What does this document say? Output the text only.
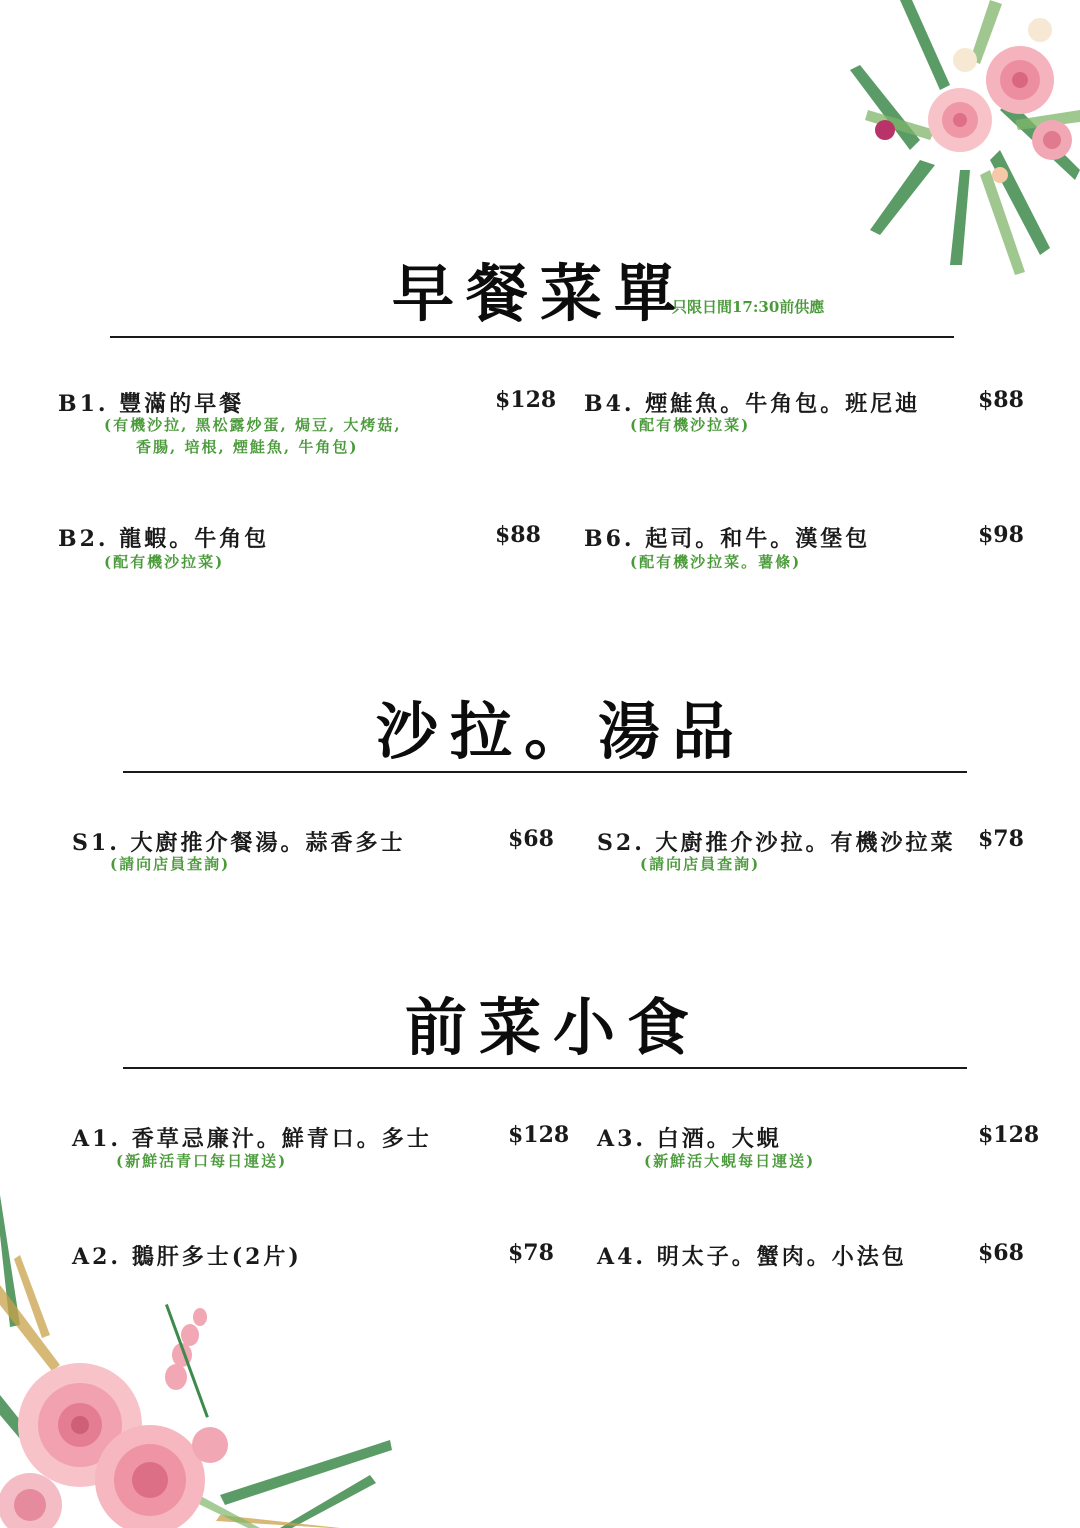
早餐菜單
只限日間17:30前供應
B1. 豐滿的早餐	$128
(有機沙拉, 黑松露炒蛋, 焗豆, 大烤菇,
香腸, 培根, 煙鮭魚, 牛角包)
B4. 煙鮭魚。牛角包。班尼迪	$88
(配有機沙拉菜)
B2. 龍蝦。牛角包	$88
(配有機沙拉菜)
B6. 起司。和牛。漢堡包	$98
(配有機沙拉菜。薯條)
沙拉。湯品
S1. 大廚推介餐湯。蒜香多士	$68
(請向店員查詢)
S2. 大廚推介沙拉。有機沙拉菜 $78
(請向店員查詢)
前菜小食
A1. 香草忌廉汁。鮮青口。多士	$128
(新鮮活青口每日運送)
A3. 白酒。大蜆	$128
(新鮮活大蜆每日運送)
A2. 鵝肝多士(2片)	$78 A4. 明太子。蟹肉。小法包	$68
